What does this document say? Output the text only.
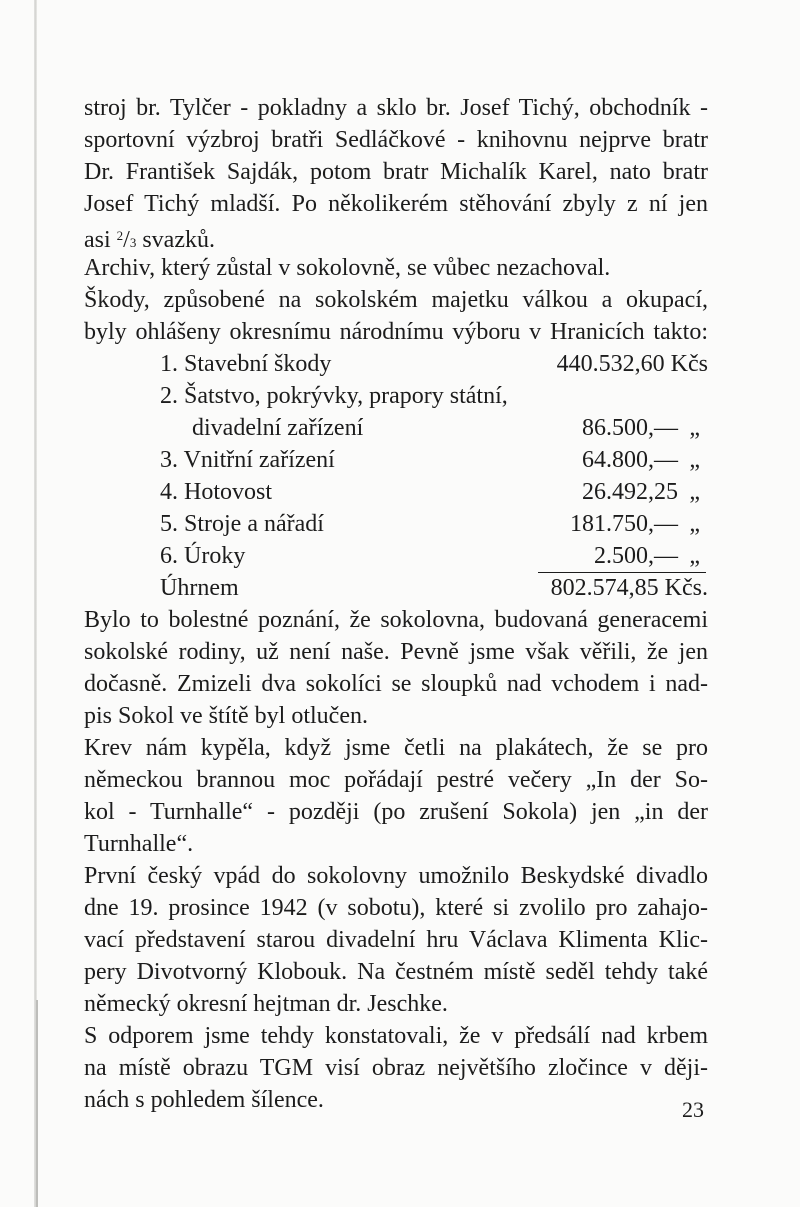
stroj br. Tylčer - pokladny a sklo br. Josef Tichý, obchodník -
sportovní výzbroj bratři Sedláčkové - knihovnu nejprve bratr
Dr. František Sajdák, potom bratr Michalík Karel, nato bratr
Josef Tichý mladší. Po několikerém stěhování zbyly z ní jen
asi $^2$/3 svazků.
Archiv, který zůstal v sokolovně, se vůbec nezachoval.
Škody, způsobené na sokolském majetku válkou a okupací,
byly ohlášeny okresnímu národnímu výboru v Hranicích takto:
1. Stavební škody	440.532,60 Kčs
2. Šatstvo, pokrývky, prapory státní,
divadelní zařízení	86.500,— „
3. Vnitřní zařízení	64.800,— „
4. Hotovost	26.492,25 „
5. Stroje a nářadí	181.750,— „
6. Úroky	2.500,— „
Úhrnem	802.574,85 Kčs.
Bylo to bolestné poznání, že sokolovna, budovaná generacemi
sokolské rodiny, už není naše. Pevně jsme však věřili, že jen
dočasně. Zmizeli dva sokolíci se sloupků nad vchodem i nad-
pis Sokol ve štítě byl otlučen.
Krev nám kypěla, když jsme četli na plakátech, že se pro
německou brannou moc pořádají pestré večery „In der So-
kol - Turnhalle“ - později (po zrušení Sokola) jen „in der
Turnhalle“.
První český vpád do sokolovny umožnilo Beskydské divadlo
dne 19. prosince 1942 (v sobotu), které si zvolilo pro zahajo-
vací představení starou divadelní hru Václava Klimenta Klic-
pery Divotvorný Klobouk. Na čestném místě seděl tehdy také
německý okresní hejtman dr. Jeschke.
S odporem jsme tehdy konstatovali, že v předsálí nad krbem
na místě obrazu TGM visí obraz největšího zločince v ději-
nách s pohledem šílence.	23
